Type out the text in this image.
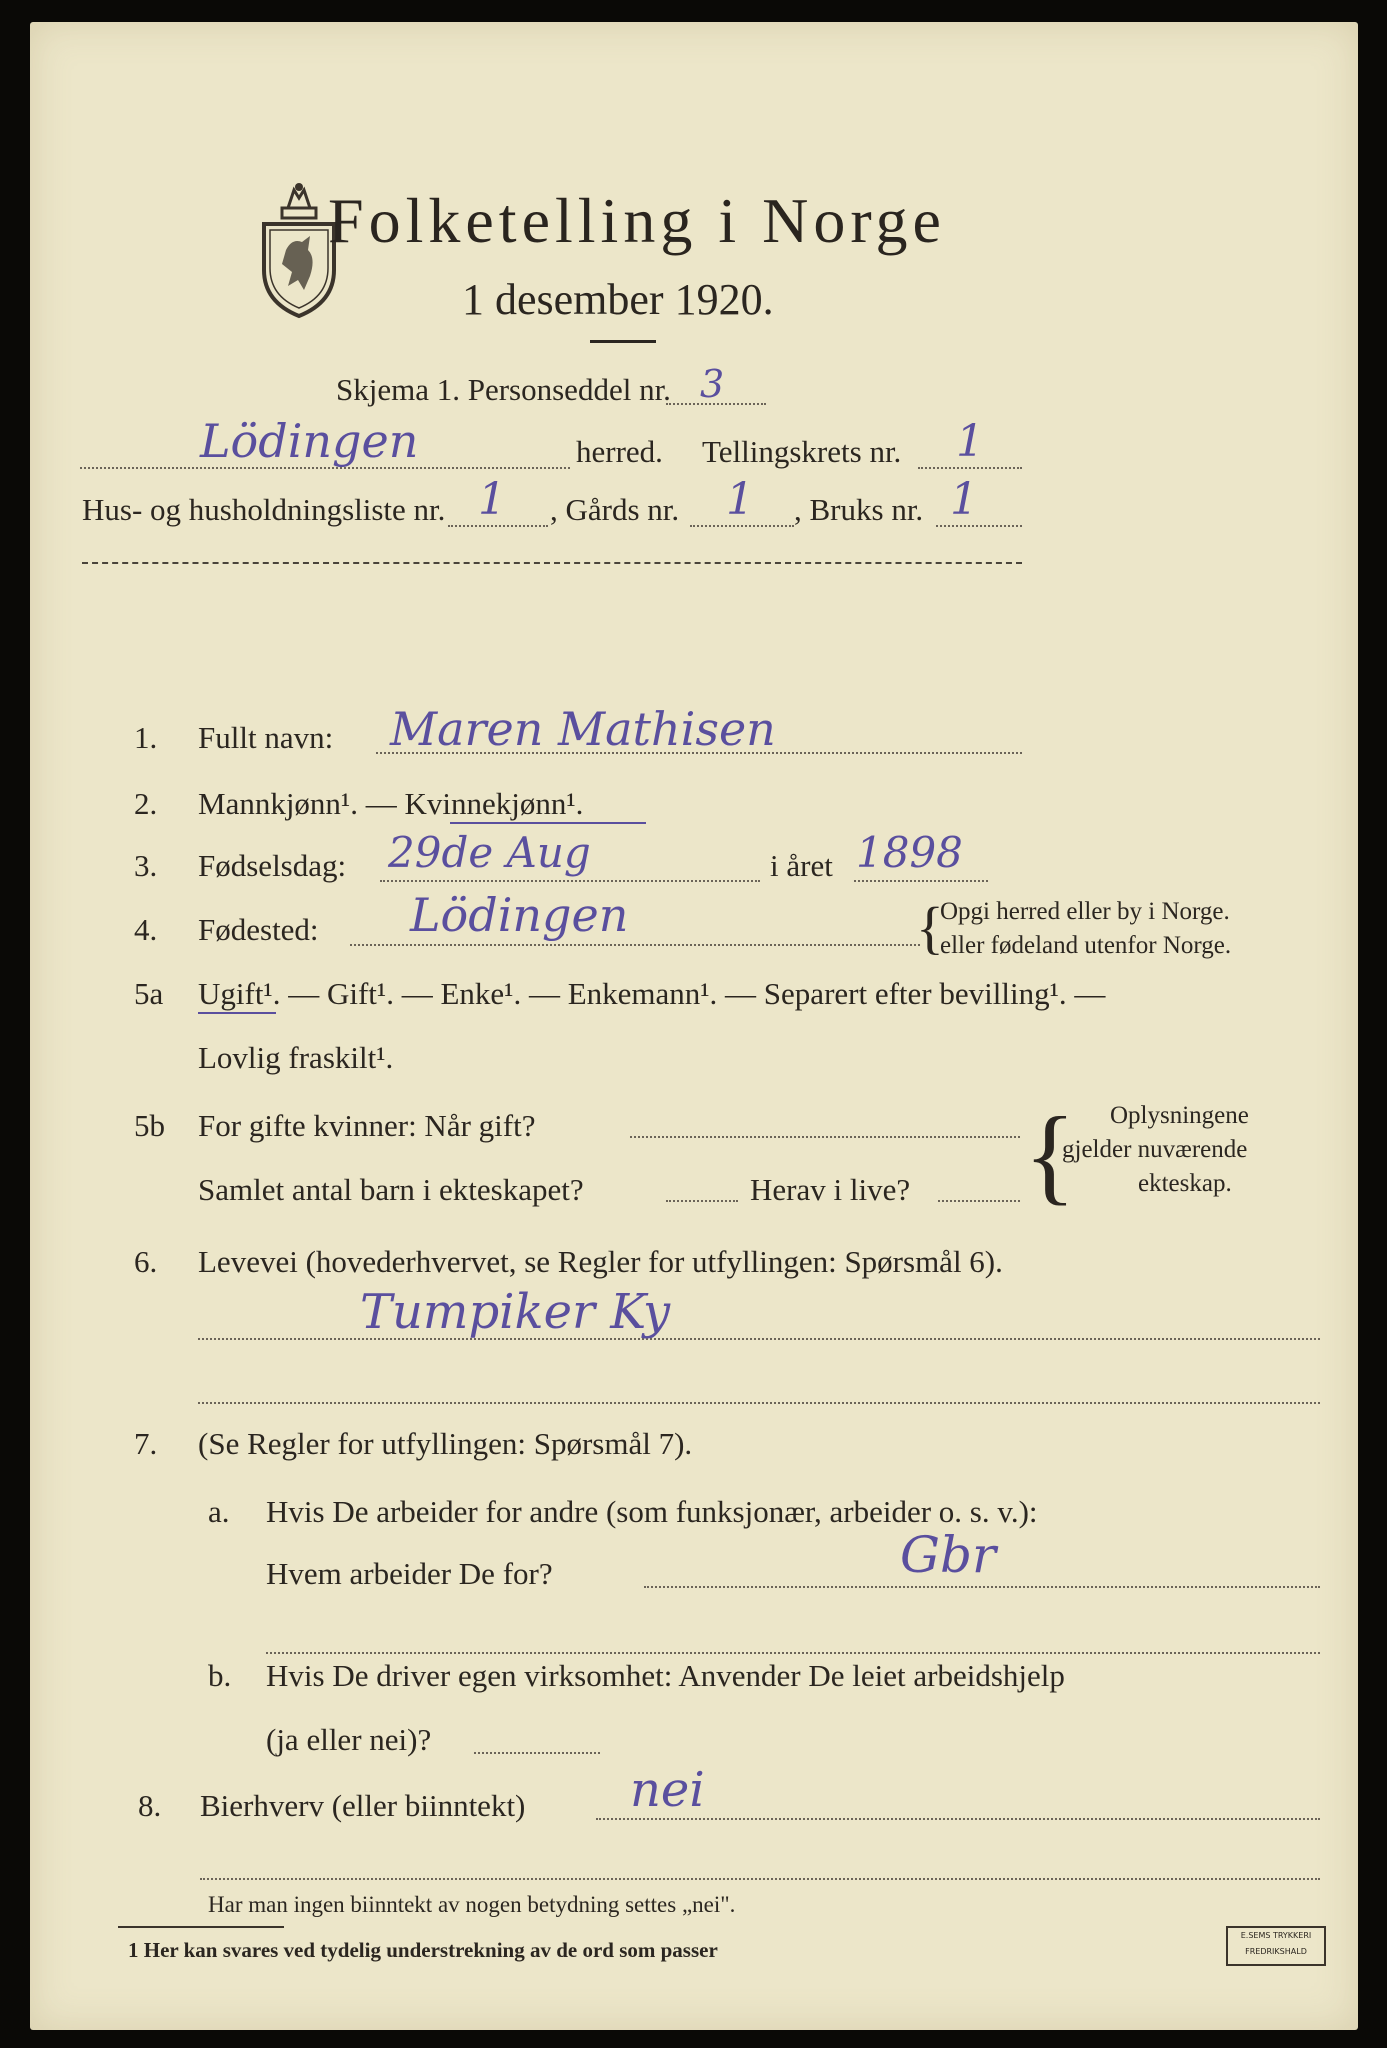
Folketelling i Norge
1 desember 1920.
Skjema 1. Personseddel nr. 3
Lödingen	herred. Tellingskrets nr. 1
Hus- og husholdningsliste nr. 1 , Gårds nr. 1 , Bruks nr. 1
1. Fullt navn: Maren Mathisen
2. Mannkjønn¹. — Kvinnekjønn¹.
3. Fødselsdag: 29de Aug	i året 1898
4. Fødested: Lödingen	{
Opgi herred eller by i Norge.
eller fødeland utenfor Norge.
5a Ugift¹. — Gift¹. — Enke¹. — Enkemann¹. — Separert efter bevilling¹. —
Lovlig fraskilt¹.
5b For gifte kvinner: Når gift?
Samlet antal barn i ekteskapet?	Herav i live? { Oplysningene
gjelder nuværende
ekteskap.
6. Levevei (hovederhvervet, se Regler for utfyllingen: Spørsmål 6).
Tumpiker Ky
7. (Se Regler for utfyllingen: Spørsmål 7).
a. Hvis De arbeider for andre (som funksjonær, arbeider o. s. v.):
Hvem arbeider De for?	Gbr
b. Hvis De driver egen virksomhet: Anvender De leiet arbeidshjelp
(ja eller nei)?
8. Bierhverv (eller biinntekt) nei
Har man ingen biinntekt av nogen betydning settes „nei".
1 Her kan svares ved tydelig understrekning av de ord som passer
E.SEMS TRYKKERI FREDRIKSHALD
